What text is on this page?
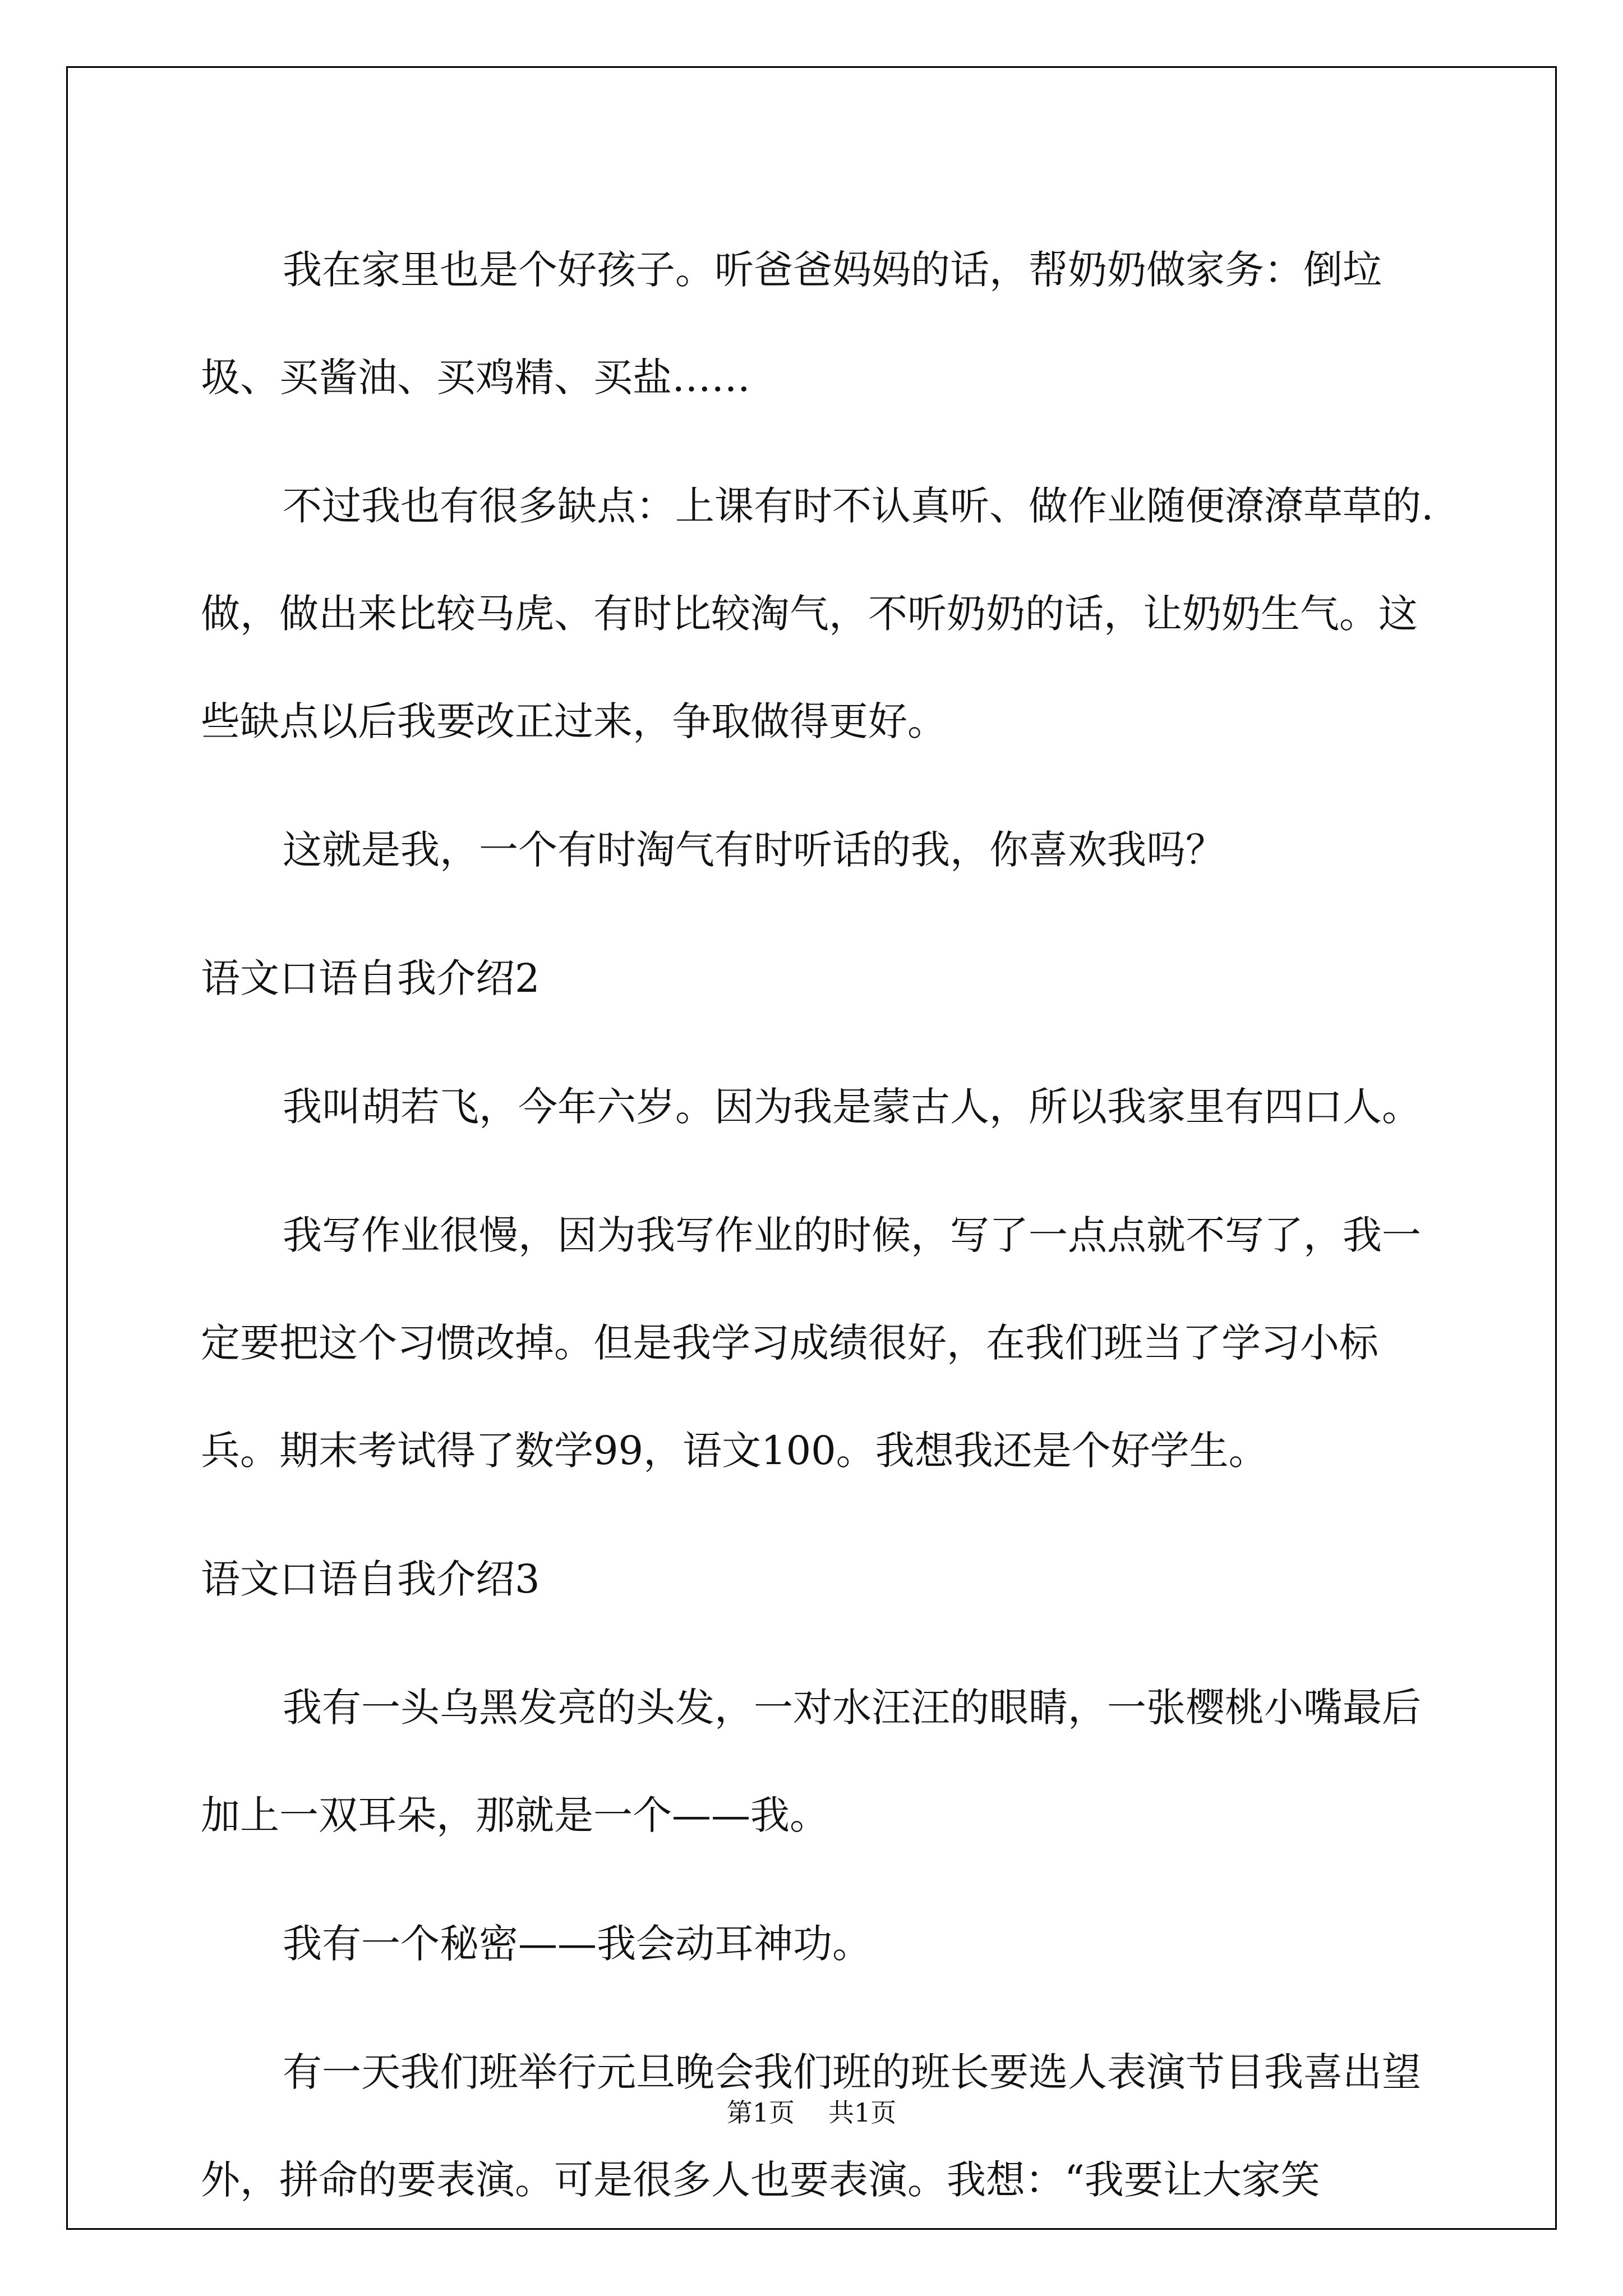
我在家里也是个好孩子。听爸爸妈妈的话，帮奶奶做家务：倒垃圾、买酱油、买鸡精、买盐……

不过我也有很多缺点：上课有时不认真听、做作业随便潦潦草草的.做，做出来比较马虎、有时比较淘气，不听奶奶的话，让奶奶生气。这些缺点以后我要改正过来，争取做得更好。

这就是我，一个有时淘气有时听话的我，你喜欢我吗？

语文口语自我介绍2

我叫胡若飞，今年六岁。因为我是蒙古人，所以我家里有四口人。

我写作业很慢，因为我写作业的时候，写了一点点就不写了，我一定要把这个习惯改掉。但是我学习成绩很好，在我们班当了学习小标兵。期末考试得了数学99，语文100。我想我还是个好学生。

语文口语自我介绍3

我有一头乌黑发亮的头发，一对水汪汪的眼睛，一张樱桃小嘴最后加上一双耳朵，那就是一个——我。

我有一个秘密——我会动耳神功。

有一天我们班举行元旦晚会我们班的班长要选人表演节目我喜出望外，拼命的要表演。可是很多人也要表演。我想：“我要让大家笑

第1页 共1页
